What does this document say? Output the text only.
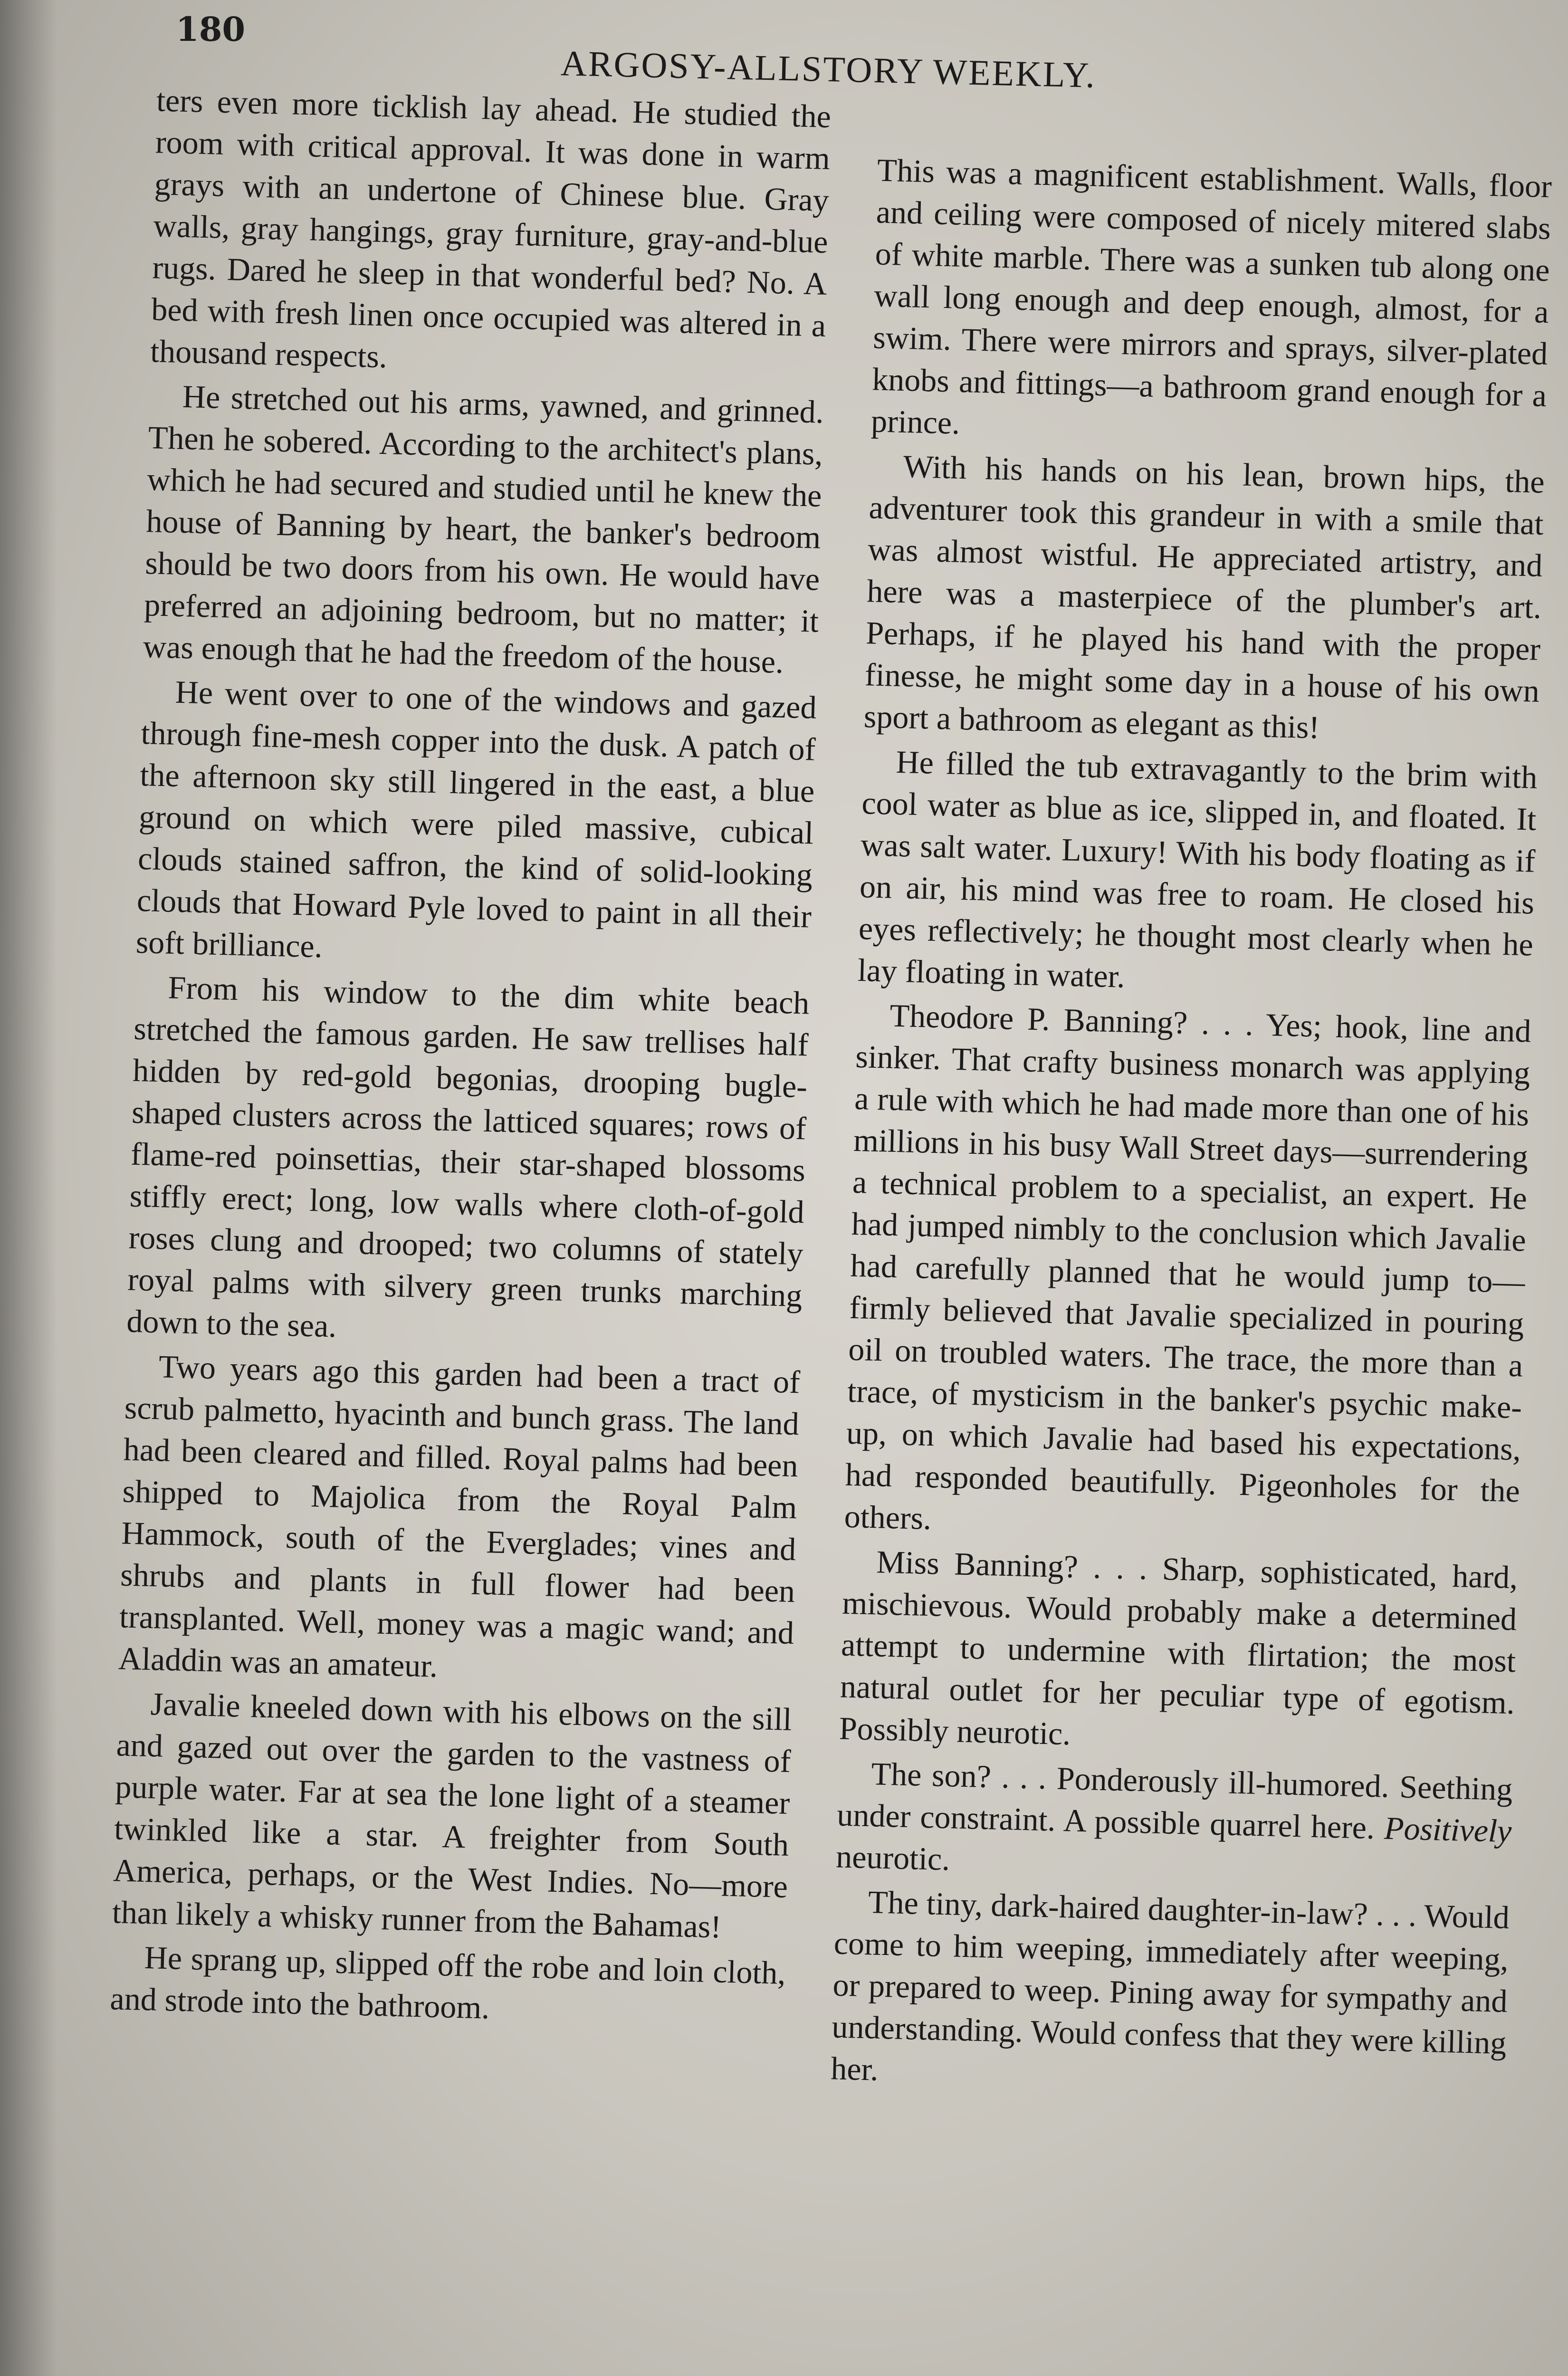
180
ARGOSY-ALLSTORY WEEKLY.

ters even more ticklish lay ahead. He studied the room with critical approval. It was done in warm grays with an undertone of Chinese blue. Gray walls, gray hangings, gray furniture, gray-and-blue rugs. Dared he sleep in that wonderful bed? No. A bed with fresh linen once occupied was altered in a thousand respects.

He stretched out his arms, yawned, and grinned. Then he sobered. According to the architect's plans, which he had secured and studied until he knew the house of Banning by heart, the banker's bedroom should be two doors from his own. He would have preferred an adjoining bedroom, but no matter; it was enough that he had the freedom of the house.

He went over to one of the windows and gazed through fine-mesh copper into the dusk. A patch of the afternoon sky still lingered in the east, a blue ground on which were piled massive, cubical clouds stained saffron, the kind of solid-looking clouds that Howard Pyle loved to paint in all their soft brilliance.

From his window to the dim white beach stretched the famous garden. He saw trellises half hidden by red-gold begonias, drooping bugle-shaped clusters across the latticed squares; rows of flame-red poinsettias, their star-shaped blossoms stiffly erect; long, low walls where cloth-of-gold roses clung and drooped; two columns of stately royal palms with silvery green trunks marching down to the sea.

Two years ago this garden had been a tract of scrub palmetto, hyacinth and bunch grass. The land had been cleared and filled. Royal palms had been shipped to Majolica from the Royal Palm Hammock, south of the Everglades; vines and shrubs and plants in full flower had been transplanted. Well, money was a magic wand; and Aladdin was an amateur.

Javalie kneeled down with his elbows on the sill and gazed out over the garden to the vastness of purple water. Far at sea the lone light of a steamer twinkled like a star. A freighter from South America, perhaps, or the West Indies. No—more than likely a whisky runner from the Bahamas!

He sprang up, slipped off the robe and loin cloth, and strode into the bathroom.

This was a magnificent establishment. Walls, floor and ceiling were composed of nicely mitered slabs of white marble. There was a sunken tub along one wall long enough and deep enough, almost, for a swim. There were mirrors and sprays, silver-plated knobs and fittings—a bathroom grand enough for a prince.

With his hands on his lean, brown hips, the adventurer took this grandeur in with a smile that was almost wistful. He appreciated artistry, and here was a masterpiece of the plumber's art. Perhaps, if he played his hand with the proper finesse, he might some day in a house of his own sport a bathroom as elegant as this!

He filled the tub extravagantly to the brim with cool water as blue as ice, slipped in, and floated. It was salt water. Luxury! With his body floating as if on air, his mind was free to roam. He closed his eyes reflectively; he thought most clearly when he lay floating in water.

Theodore P. Banning? . . . Yes; hook, line and sinker. That crafty business monarch was applying a rule with which he had made more than one of his millions in his busy Wall Street days—surrendering a technical problem to a specialist, an expert. He had jumped nimbly to the conclusion which Javalie had carefully planned that he would jump to—firmly believed that Javalie specialized in pouring oil on troubled waters. The trace, the more than a trace, of mysticism in the banker's psychic make-up, on which Javalie had based his expectations, had responded beautifully. Pigeonholes for the others.

Miss Banning? . . . Sharp, sophisticated, hard, mischievous. Would probably make a determined attempt to undermine with flirtation; the most natural outlet for her peculiar type of egotism. Possibly neurotic.

The son? . . . Ponderously ill-humored. Seething under constraint. A possible quarrel here. Positively neurotic.

The tiny, dark-haired daughter-in-law? . . . Would come to him weeping, immediately after weeping, or prepared to weep. Pining away for sympathy and understanding. Would confess that they were killing her.
